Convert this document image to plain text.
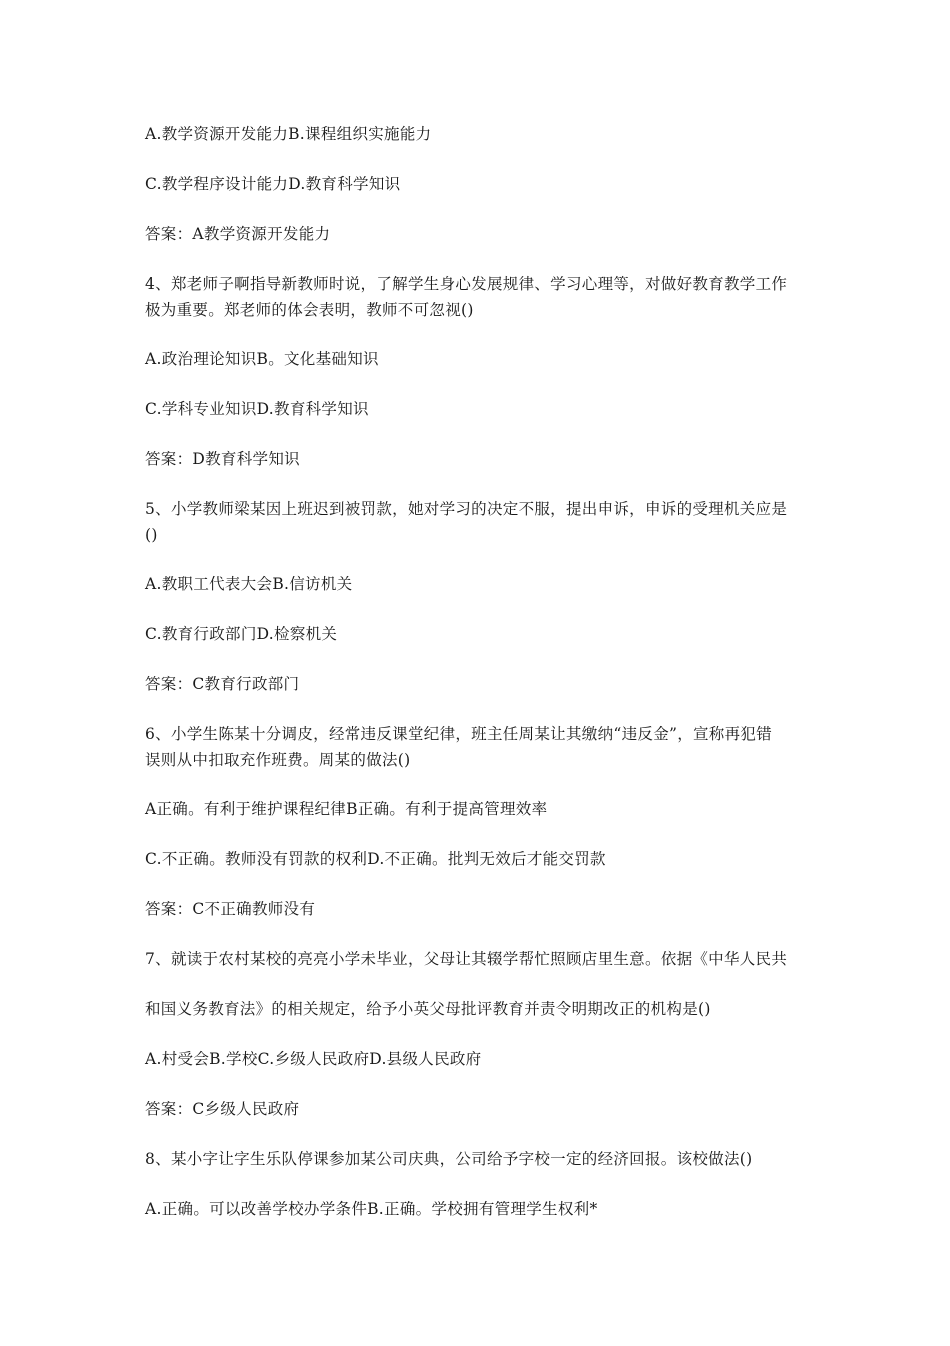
A.教学资源开发能力B.课程组织实施能力
C.教学程序设计能力D.教育科学知识
答案：A教学资源开发能力
4、郑老师子啊指导新教师时说，了解学生身心发展规律、学习心理等，对做好教育教学工作
极为重要。郑老师的体会表明，教师不可忽视()
A.政治理论知识B。文化基础知识
C.学科专业知识D.教育科学知识
答案：D教育科学知识
5、小学教师梁某因上班迟到被罚款，她对学习的决定不服，提出申诉，申诉的受理机关应是
()
A.教职工代表大会B.信访机关
C.教育行政部门D.检察机关
答案：C教育行政部门
6、小学生陈某十分调皮，经常违反课堂纪律，班主任周某让其缴纳“违反金”，宣称再犯错
误则从中扣取充作班费。周某的做法()
A正确。有利于维护课程纪律B正确。有利于提高管理效率
C.不正确。教师没有罚款的权利D.不正确。批判无效后才能交罚款
答案：C不正确教师没有
7、就读于农村某校的亮亮小学未毕业，父母让其辍学帮忙照顾店里生意。依据《中华人民共
和国义务教育法》的相关规定，给予小英父母批评教育并责令明期改正的机构是()
A.村受会B.学校C.乡级人民政府D.县级人民政府
答案：C乡级人民政府
8、某小字让字生乐队停课参加某公司庆典，公司给予字校一定的经济回报。该校做法()
A.正确。可以改善学校办学条件B.正确。学校拥有管理学生权利*
